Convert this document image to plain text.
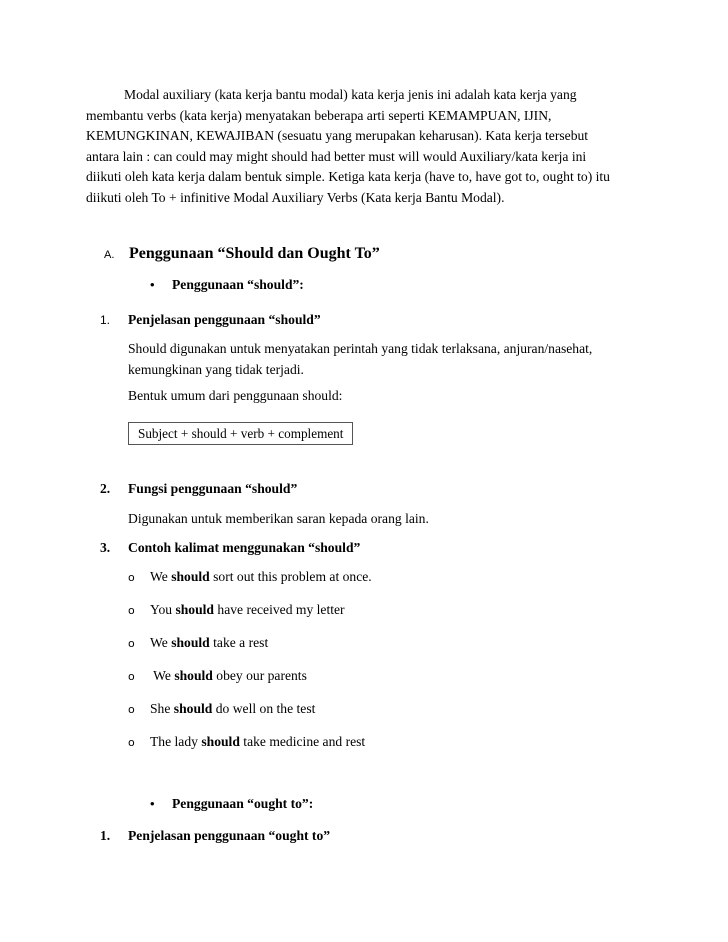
Modal auxiliary (kata kerja bantu modal) kata kerja jenis ini adalah kata kerja yang
membantu verbs (kata kerja) menyatakan beberapa arti seperti KEMAMPUAN, IJIN,
KEMUNGKINAN, KEWAJIBAN (sesuatu yang merupakan keharusan). Kata kerja tersebut
antara lain : can could may might should had better must will would Auxiliary/kata kerja ini
diikuti oleh kata kerja dalam bentuk simple. Ketiga kata kerja (have to, have got to, ought to) itu
diikuti oleh To + infinitive Modal Auxiliary Verbs (Kata kerja Bantu Modal).

A. Penggunaan “Should dan Ought To”
• Penggunaan “should”:
1. Penjelasan penggunaan “should”

Should digunakan untuk menyatakan perintah yang tidak terlaksana, anjuran/nasehat,
kemungkinan yang tidak terjadi.

Bentuk umum dari penggunaan should:

Subject + should + verb + complement
2. Fungsi penggunaan “should”

Digunakan untuk memberikan saran kepada orang lain.

3. Contoh kalimat menggunakan “should”
o We should sort out this problem at once.
o You should have received my letter
o We should take a rest
o We should obey our parents
o She should do well on the test
o The lady should take medicine and rest
• Penggunaan “ought to”:
1. Penjelasan penggunaan “ought to”
